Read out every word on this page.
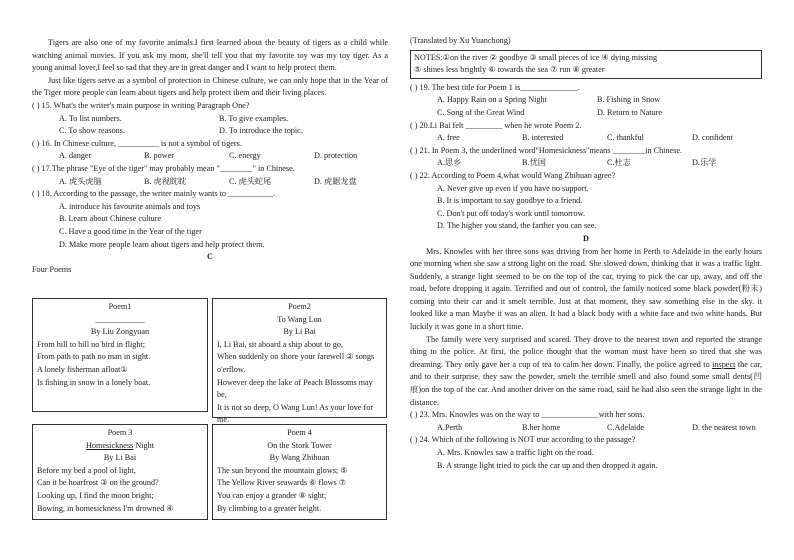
Tigers are also one of my favorite animals.I first learned about the beauty of tigers as a child while watching animal movies. If you ask my mom, she'll tell you that my favorite toy was my toy tiger. As a young animal lover,I feel so sad that they are in great danger and I want to help protect them.

Just like tigers serve as a symbol of protection in Chinese culture, we can only hope that in the Year of the Tiger more people can learn about tigers and help protect them and their living places.

( ) 15. What's the writer's main purpose in writing Paragraph One?

A. To list numbers.	B. To give examples.
C. To show reasons.	D. To introduce the topic.

( ) 16. In Chinese culture, __________ is not a symbol of tigers.

A. danger	B. power	C. energy	D. protection

( ) 17.The phrase "Eye of the tiger" may probably mean "________" in Chinese.

A. 虎头虎脑	B. 虎视眈眈	C. 虎头蛇尾	D. 虎踞龙盘

( ) 18. According to the passage, the writer mainly wants to ___________.

A. introduce his favourite animals and toys

B. Learn about Chinese culture

C. Have a good time in the Year of the tiger

D. Make more people learn about tigers and help protect them.

C

Four Poems

Poem1

____________

By Liu Zongyuan

From hill to hill no bird in flight;

From path to path no man in sight.

A lonely fisherman afloat①

Is fishing in snow in a lonely boat.

Poem2

To Wang Lun

By Li Bai

I, Li Bai, sit aboard a ship about to go,

When suddenly on shore your farewell ② songs o'erflow.

However deep the lake of Peach Blossoms may be,

It is not so deep, O Wang Lun! As your love for me.

Poem 3

Homesickness Night

By Li Bai

Before my bed a pool of light,

Can it be hoarfrost ③ on the ground?

Looking up, I find the moon bright;

Bowing, in homesickness I'm drowned ④

Poem 4

On the Stork Tower

By Wang Zhihuan

The sun beyond the mountain glows; ⑤

The Yellow River seawards ⑥ flows ⑦

You can enjoy a grander ⑧ sight;

By climbing to a greater height.

(Translated by Xu Yuanchong)

NOTES:①on the river ② goodbye ③ small pieces of ice ④ dying missing

⑤ shines less brightly ⑥ towards the sea ⑦ run ⑧ greater

( ) 19. The best title for Poem 1 is______________.

A. Happy Rain on a Spring Night	B. Fishing in Snow
C. Song of the Great Wind	D. Return to Nature

( ) 20.Li Bai felt _________ when he wrote Poem 2.

A. free	B. interested	C. thankful	D. confident

( ) 21. In Poem 3, the underlined word"Homesickness"means ________in Chinese.

A.思乡	B.忧国	C.杜志	D.乐学

( ) 22. According to Poem 4,what would Wang Zhihuan agree?

A. Never give up even if you have no support.

B. It is important to say goodbye to a friend.

C. Don't put off today's work until tomorrow.

D. The higher you stand, the farther you can see.

D

Mrs. Knowles with her three sons was driving from her home in Perth to Adelaide in the early hours one morning when she saw a strong light on the road. She slowed down, thinking that it was a traffic light. Suddenly, a strange light seemed to be on the top of the car, trying to pick the car up, away, and off the road, before dropping it again. Terrified and out of control, the family noticed some black powder(粉末) coming into their car and it smelt terrible. Just at that moment, they saw something else in the sky. it looked like a man Maybe it was an alien. It had a black body with a white face and two white hands. But luckily it was gone in a short time.

The family were very surprised and scared. They drove to the nearest town and reported the strange thing to the police. At first, the police thought that the woman must have been so tired that she was dreaming. They only gave her a cup of tea to calm her down. Finally, the police agreed to inspect the car, and to their surprise, they saw the powder, smelt the terrible smell and also found some small dents(凹痕)on the top of the car. And another driver on the same road, said he had also seen the strange light in the distance.

( ) 23. Mrs. Knowles was on the way to ______________with her sons.

A.Perth	B.her home	C.Adelaide	D. the nearest town

( ) 24. Which of the following is NOT true according to the passage?

A. Mrs. Knowles saw a traffic light on the road.

B. A strange light tried to pick the car up and then dropped it again.
